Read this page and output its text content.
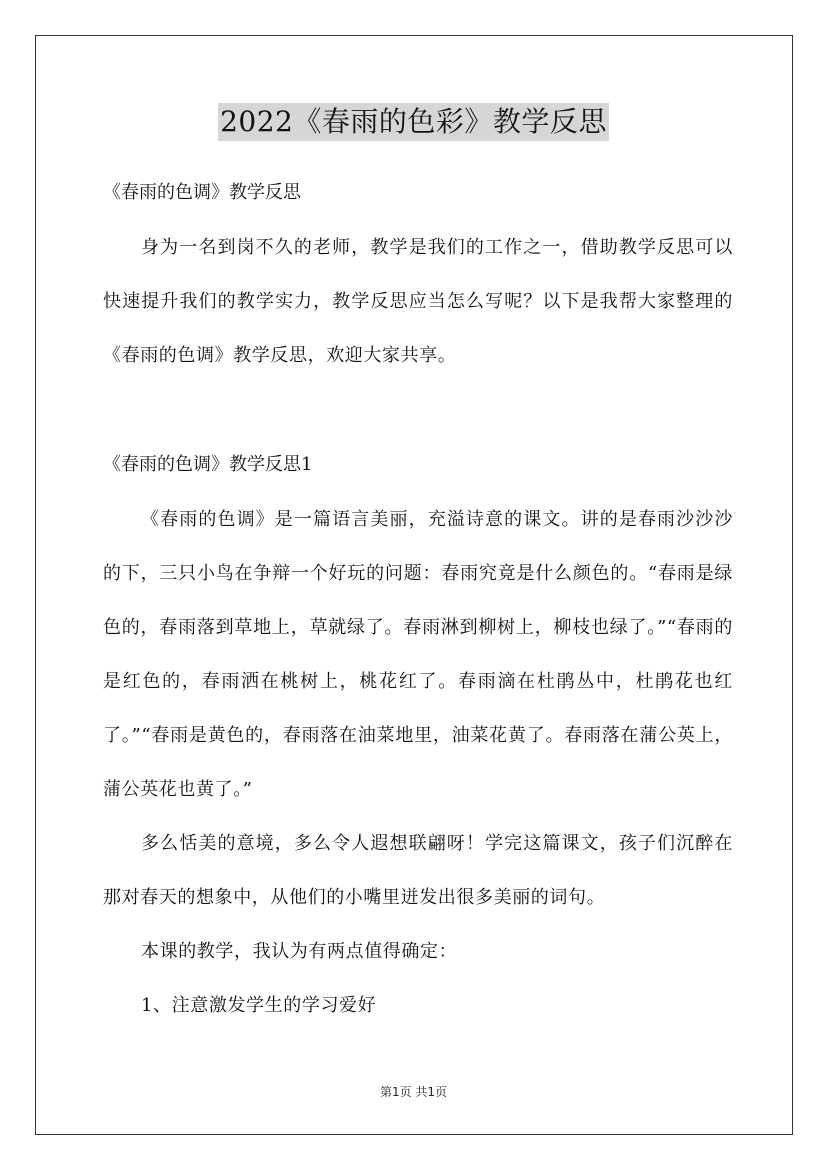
2022《春雨的色彩》教学反思
《春雨的色调》教学反思
身为一名到岗不久的老师，教学是我们的工作之一，借助教学反思可以快速提升我们的教学实力，教学反思应当怎么写呢？以下是我帮大家整理的《春雨的色调》教学反思，欢迎大家共享。
《春雨的色调》教学反思1
《春雨的色调》是一篇语言美丽，充溢诗意的课文。讲的是春雨沙沙沙的下，三只小鸟在争辩一个好玩的问题：春雨究竟是什么颜色的。“春雨是绿色的，春雨落到草地上，草就绿了。春雨淋到柳树上，柳枝也绿了。”“春雨的是红色的，春雨洒在桃树上，桃花红了。春雨滴在杜鹃丛中，杜鹃花也红了。”“春雨是黄色的，春雨落在油菜地里，油菜花黄了。春雨落在蒲公英上，蒲公英花也黄了。”
多么恬美的意境，多么令人遐想联翩呀！学完这篇课文，孩子们沉醉在那对春天的想象中，从他们的小嘴里迸发出很多美丽的词句。
本课的教学，我认为有两点值得确定：
1、注意激发学生的学习爱好
第1页 共1页
